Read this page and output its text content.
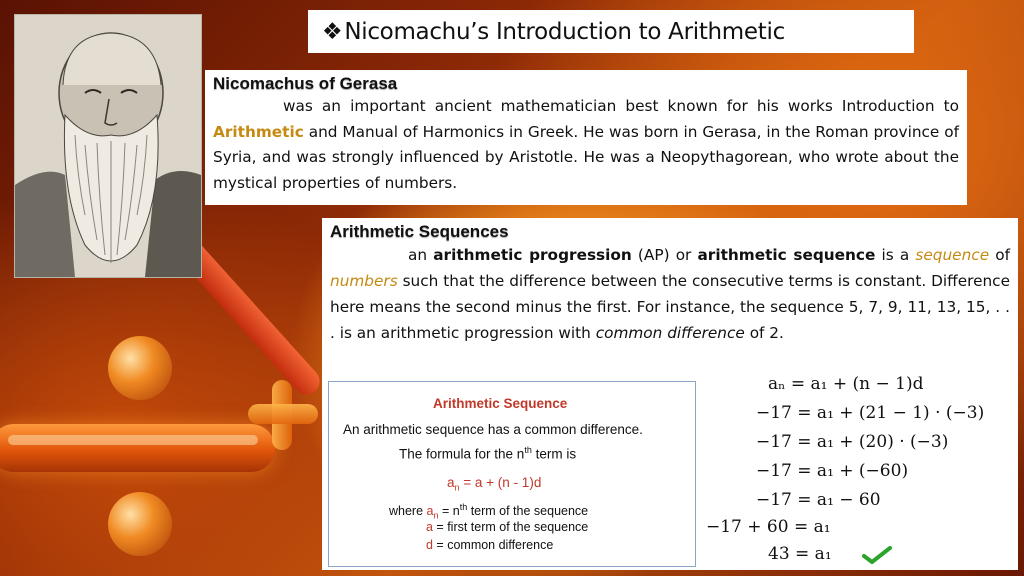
❖Nicomachu’s Introduction to Arithmetic
Nicomachus of Gerasa

was an important ancient mathematician best known for his works Introduction to Arithmetic and Manual of Harmonics in Greek. He was born in Gerasa, in the Roman province of Syria, and was strongly influenced by Aristotle. He was a Neopythagorean, who wrote about the mystical properties of numbers.

Arithmetic Sequences

an arithmetic progression (AP) or arithmetic sequence is a sequence of numbers such that the difference between the consecutive terms is constant. Difference here means the second minus the first. For instance, the sequence 5, 7, 9, 11, 13, 15, . . . is an arithmetic progression with common difference of 2.

Arithmetic Sequence
An arithmetic sequence has a common difference.
The formula for the $n^{th}$ term is
$a_n = a + (n - 1)d$
where $a_n = n^{th}$ term of the sequence
a = first term of the sequence
d = common difference
aₙ = a₁ + (n − 1)d
−17 = a₁ + (21 − 1) · (−3)
−17 = a₁ + (20) · (−3)
−17 = a₁ + (−60)
−17 = a₁ − 60
−17 + 60 = a₁
43 = a₁
